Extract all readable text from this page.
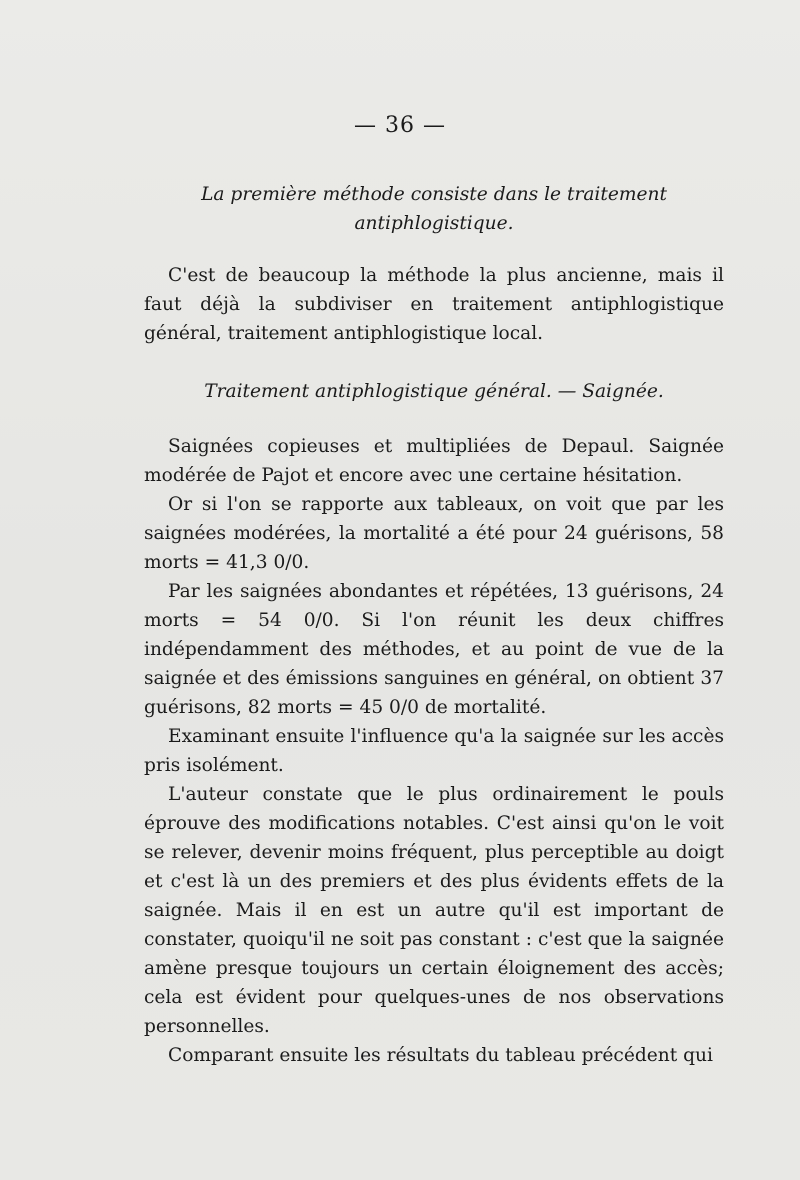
— 36 —
La première méthode consiste dans le traitement
antiphlogistique.

C'est de beaucoup la méthode la plus ancienne, mais il faut déjà la subdiviser en traitement antiphlogistique général, traitement antiphlogistique local.

Traitement antiphlogistique général. — Saignée.

Saignées copieuses et multipliées de Depaul. Saignée modérée de Pajot et encore avec une certaine hésitation.

Or si l'on se rapporte aux tableaux, on voit que par les saignées modérées, la mortalité a été pour 24 guérisons, 58 morts = 41,3 0/0.

Par les saignées abondantes et répétées, 13 guérisons, 24 morts = 54 0/0. Si l'on réunit les deux chiffres indépendamment des méthodes, et au point de vue de la saignée et des émissions sanguines en général, on obtient 37 guérisons, 82 morts = 45 0/0 de mortalité.

Examinant ensuite l'influence qu'a la saignée sur les accès pris isolément.

L'auteur constate que le plus ordinairement le pouls éprouve des modifications notables. C'est ainsi qu'on le voit se relever, devenir moins fréquent, plus perceptible au doigt et c'est là un des premiers et des plus évidents effets de la saignée. Mais il en est un autre qu'il est important de constater, quoiqu'il ne soit pas constant : c'est que la saignée amène presque toujours un certain éloignement des accès; cela est évident pour quelques-unes de nos observations personnelles.

Comparant ensuite les résultats du tableau précédent qui
